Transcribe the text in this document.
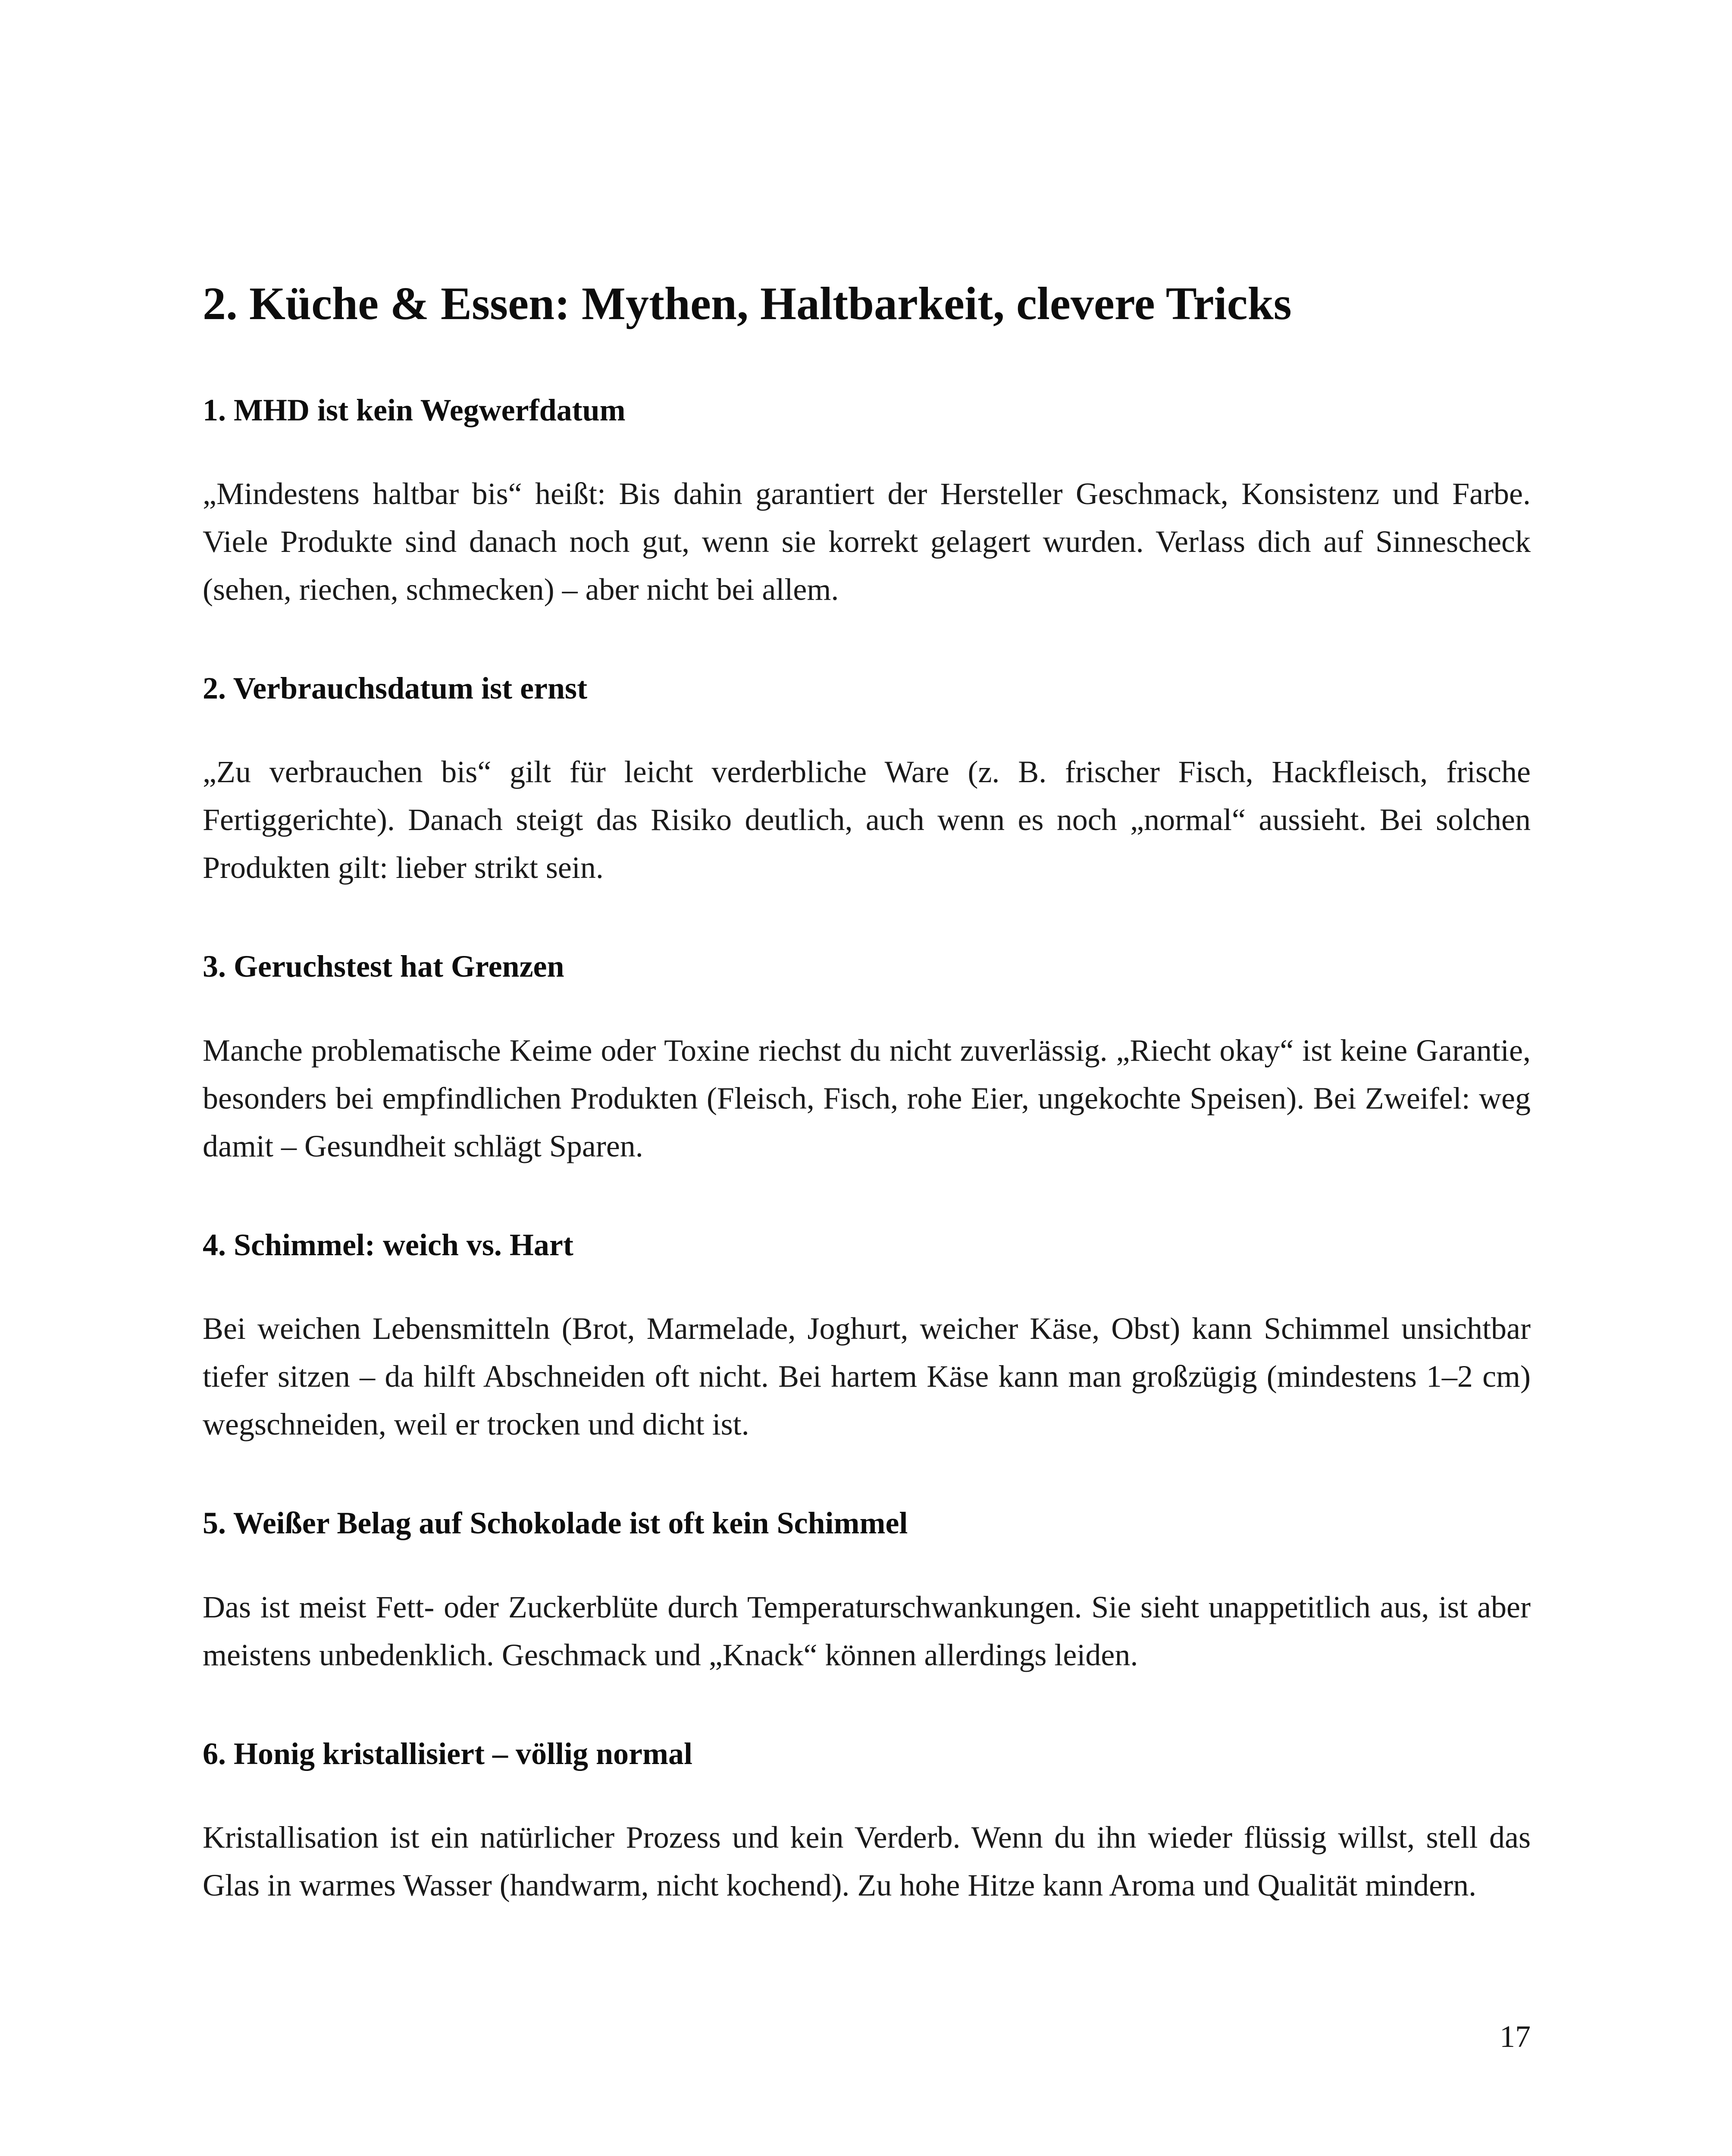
2. Küche & Essen: Mythen, Haltbarkeit, clevere Tricks
1. MHD ist kein Wegwerfdatum

„Mindestens haltbar bis“ heißt: Bis dahin garantiert der Hersteller Geschmack, Konsistenz und Farbe. Viele Produkte sind danach noch gut, wenn sie korrekt gelagert wurden. Verlass dich auf Sinnescheck (sehen, riechen, schmecken) – aber nicht bei allem.

2. Verbrauchsdatum ist ernst

„Zu verbrauchen bis“ gilt für leicht verderbliche Ware (z. B. frischer Fisch, Hackfleisch, frische Fertiggerichte). Danach steigt das Risiko deutlich, auch wenn es noch „normal“ aussieht. Bei solchen Produkten gilt: lieber strikt sein.

3. Geruchstest hat Grenzen

Manche problematische Keime oder Toxine riechst du nicht zuverlässig. „Riecht okay“ ist keine Garantie, besonders bei empfindlichen Produkten (Fleisch, Fisch, rohe Eier, ungekochte Speisen). Bei Zweifel: weg damit – Gesundheit schlägt Sparen.

4. Schimmel: weich vs. Hart

Bei weichen Lebensmitteln (Brot, Marmelade, Joghurt, weicher Käse, Obst) kann Schimmel unsichtbar tiefer sitzen – da hilft Abschneiden oft nicht. Bei hartem Käse kann man großzügig (mindestens 1–2 cm) wegschneiden, weil er trocken und dicht ist.

5. Weißer Belag auf Schokolade ist oft kein Schimmel

Das ist meist Fett- oder Zuckerblüte durch Temperaturschwankungen. Sie sieht unappetitlich aus, ist aber meistens unbedenklich. Geschmack und „Knack“ können allerdings leiden.

6. Honig kristallisiert – völlig normal

Kristallisation ist ein natürlicher Prozess und kein Verderb. Wenn du ihn wieder flüssig willst, stell das Glas in warmes Wasser (handwarm, nicht kochend). Zu hohe Hitze kann Aroma und Qualität mindern.

17
